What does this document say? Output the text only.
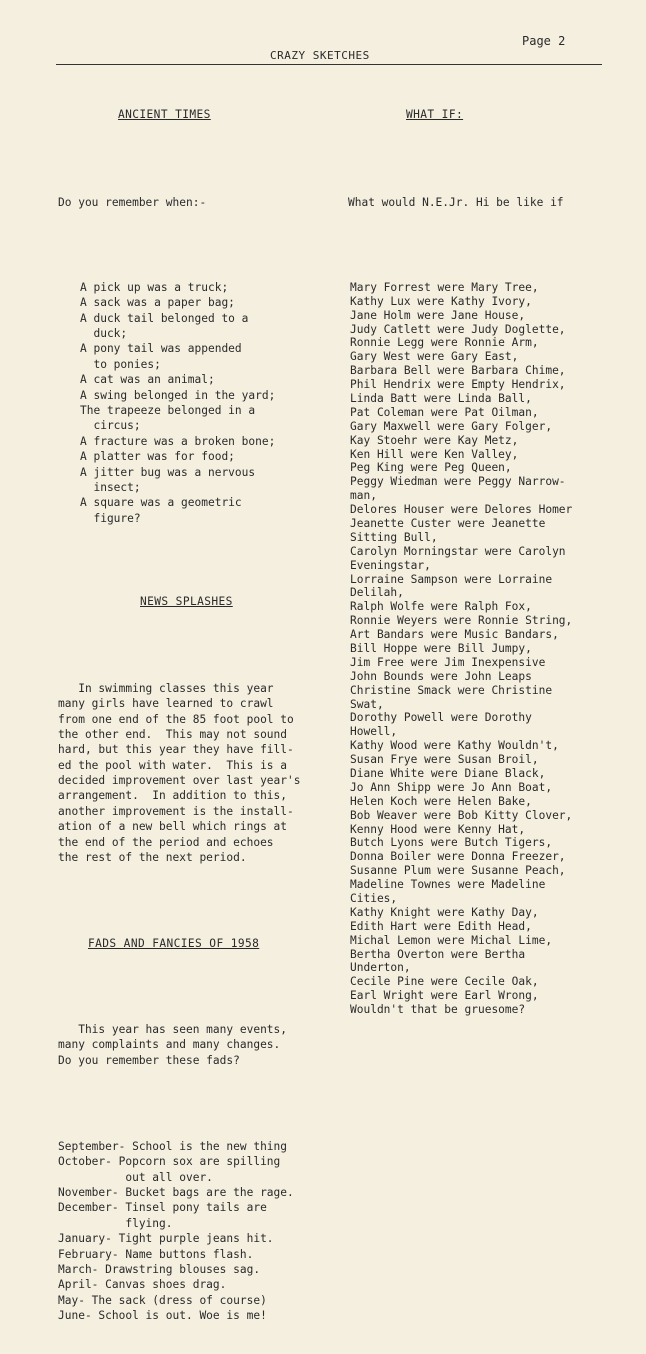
Page 2
CRAZY SKETCHES

ANCIENT TIMES

Do you remember when:-

A pick up was a truck;
A sack was a paper bag;
A duck tail belonged to a
duck;
A pony tail was appended
to ponies;
A cat was an animal;
A swing belonged in the yard;
The trapeeze belonged in a
circus;
A fracture was a broken bone;
A platter was for food;
A jitter bug was a nervous
insect;
A square was a geometric
figure?

NEWS SPLASHES

In swimming classes this year
many girls have learned to crawl
from one end of the 85 foot pool to
the other end.  This may not sound
hard, but this year they have fill-
ed the pool with water.  This is a
decided improvement over last year's
arrangement.  In addition to this,
another improvement is the install-
ation of a new bell which rings at
the end of the period and echoes
the rest of the next period.

FADS AND FANCIES OF 1958

This year has seen many events,
many complaints and many changes.
Do you remember these fads?

September- School is the new thing
October- Popcorn sox are spilling
out all over.
November- Bucket bags are the rage.
December- Tinsel pony tails are
flying.
January- Tight purple jeans hit.
February- Name buttons flash.
March- Drawstring blouses sag.
April- Canvas shoes drag.
May- The sack (dress of course)
June- School is out. Woe is me!

WHAT IF:

What would N.E.Jr. Hi be like if

Mary Forrest were Mary Tree,
Kathy Lux were Kathy Ivory,
Jane Holm were Jane House,
Judy Catlett were Judy Doglette,
Ronnie Legg were Ronnie Arm,
Gary West were Gary East,
Barbara Bell were Barbara Chime,
Phil Hendrix were Empty Hendrix,
Linda Batt were Linda Ball,
Pat Coleman were Pat Oilman,
Gary Maxwell were Gary Folger,
Kay Stoehr were Kay Metz,
Ken Hill were Ken Valley,
Peg King were Peg Queen,
Peggy Wiedman were Peggy Narrow-
man,
Delores Houser were Delores Homer
Jeanette Custer were Jeanette
Sitting Bull,
Carolyn Morningstar were Carolyn
Eveningstar,
Lorraine Sampson were Lorraine
Delilah,
Ralph Wolfe were Ralph Fox,
Ronnie Weyers were Ronnie String,
Art Bandars were Music Bandars,
Bill Hoppe were Bill Jumpy,
Jim Free were Jim Inexpensive
John Bounds were John Leaps
Christine Smack were Christine
Swat,
Dorothy Powell were Dorothy
Howell,
Kathy Wood were Kathy Wouldn't,
Susan Frye were Susan Broil,
Diane White were Diane Black,
Jo Ann Shipp were Jo Ann Boat,
Helen Koch were Helen Bake,
Bob Weaver were Bob Kitty Clover,
Kenny Hood were Kenny Hat,
Butch Lyons were Butch Tigers,
Donna Boiler were Donna Freezer,
Susanne Plum were Susanne Peach,
Madeline Townes were Madeline
Cities,
Kathy Knight were Kathy Day,
Edith Hart were Edith Head,
Michal Lemon were Michal Lime,
Bertha Overton were Bertha
Underton,
Cecile Pine were Cecile Oak,
Earl Wright were Earl Wrong,
Wouldn't that be gruesome?
